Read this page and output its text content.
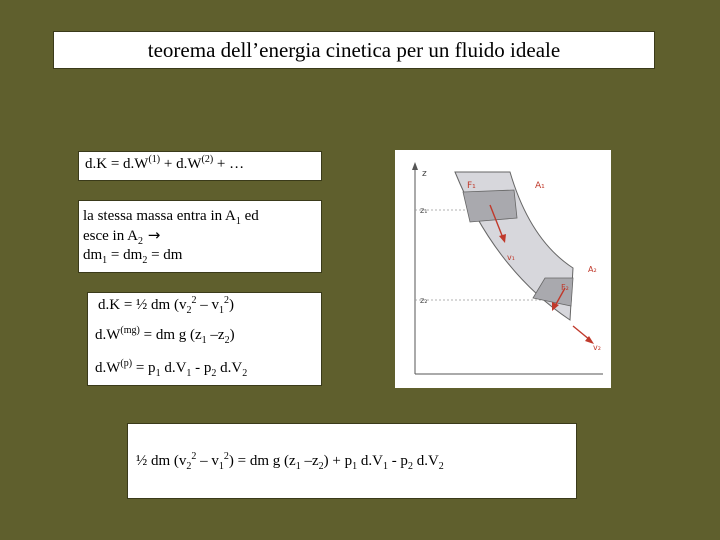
teorema dell’energia cinetica per un fluido ideale
$d.K = d.W^{(1)} + d.W^{(2)}$ + …
la stessa massa entra in $A_1$ ed
esce in $A_2$ →
$dm_1 = dm_2$ = dm
d.K = ½ dm $(v_2^2 - v_1^2)$
$d.W^{(mg)}$ = dm g ($z_1$ $-z_2$)
$d.W^{(p)} = p_1$ $d.V_1 - p_2$ $d.V_2$
½ dm $(v_2^2 - v_1^2)$ = dm g ($z_1$ $-z_2) + p_1$ $d.V_1 - p_2$ $d.V_2$
z
z₁
z₂
F₁	A₁
v₁
A₂
F₂
v₂
